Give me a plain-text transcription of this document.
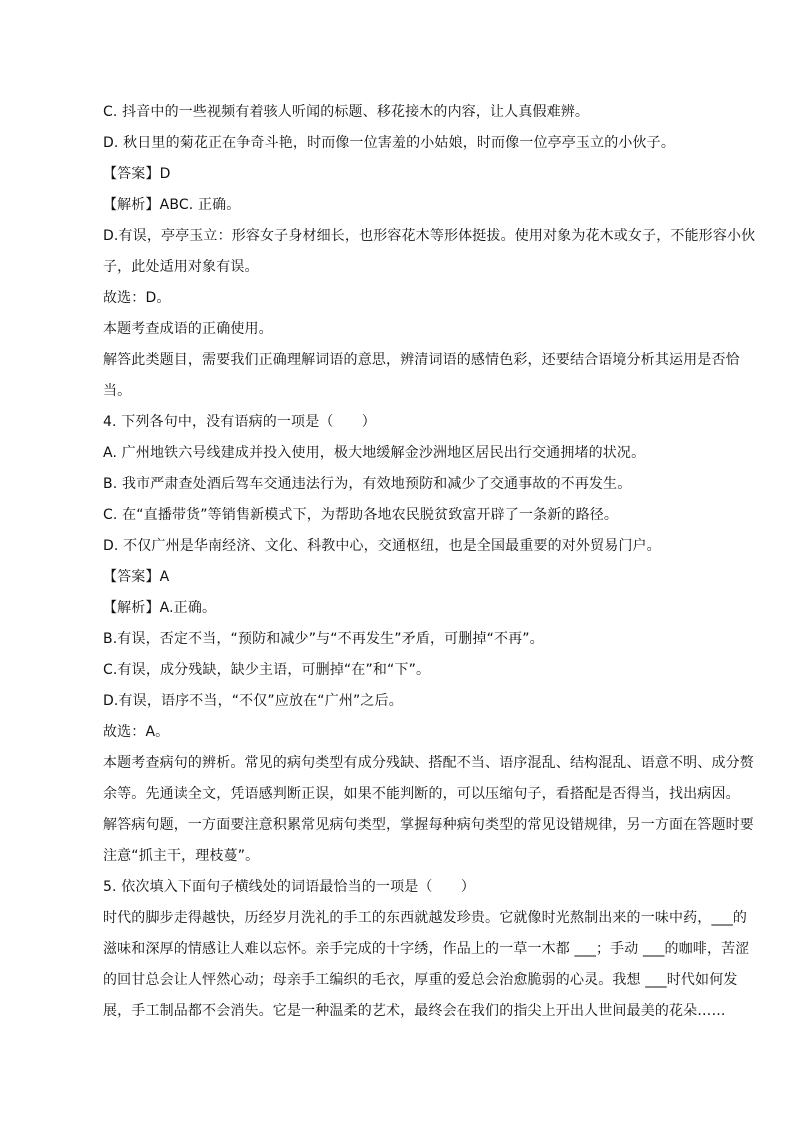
C. 抖音中的一些视频有着骇人听闻的标题、移花接木的内容，让人真假难辨。
D. 秋日里的菊花正在争奇斗艳，时而像一位害羞的小姑娘，时而像一位亭亭玉立的小伙子。
【答案】D
【解析】ABC. 正确。
D.有误，亭亭玉立：形容女子身材细长，也形容花木等形体挺拔。使用对象为花木或女子，不能形容小伙
子，此处适用对象有误。
故选：D。
本题考查成语的正确使用。
解答此类题目，需要我们正确理解词语的意思，辨清词语的感情色彩，还要结合语境分析其运用是否恰
当。
4. 下列各句中，没有语病的一项是（　　）
A. 广州地铁六号线建成并投入使用，极大地缓解金沙洲地区居民出行交通拥堵的状况。
B. 我市严肃查处酒后驾车交通违法行为，有效地预防和减少了交通事故的不再发生。
C. 在“直播带货”等销售新模式下，为帮助各地农民脱贫致富开辟了一条新的路径。
D. 不仅广州是华南经济、文化、科教中心，交通枢纽，也是全国最重要的对外贸易门户。
【答案】A
【解析】A.正确。
B.有误，否定不当，“预防和减少”与“不再发生”矛盾，可删掉“不再”。
C.有误，成分残缺，缺少主语，可删掉“在”和“下”。
D.有误，语序不当，“不仅”应放在“广州”之后。
故选：A。
本题考查病句的辨析。常见的病句类型有成分残缺、搭配不当、语序混乱、结构混乱、语意不明、成分赘
余等。先通读全文，凭语感判断正误，如果不能判断的，可以压缩句子，看搭配是否得当，找出病因。
解答病句题，一方面要注意积累常见病句类型，掌握每种病句类型的常见设错规律，另一方面在答题时要
注意“抓主干，理枝蔓”。
5. 依次填入下面句子横线处的词语最恰当的一项是（　　）
时代的脚步走得越快，历经岁月洗礼的手工的东西就越发珍贵。它就像时光熬制出来的一味中药，___的
滋味和深厚的情感让人难以忘怀。亲手完成的十字绣，作品上的一草一木都 ___；手动 ___的咖啡，苦涩
的回甘总会让人怦然心动；母亲手工编织的毛衣，厚重的爱总会治愈脆弱的心灵。我想 ___时代如何发
展，手工制品都不会消失。它是一种温柔的艺术，最终会在我们的指尖上开出人世间最美的花朵……
